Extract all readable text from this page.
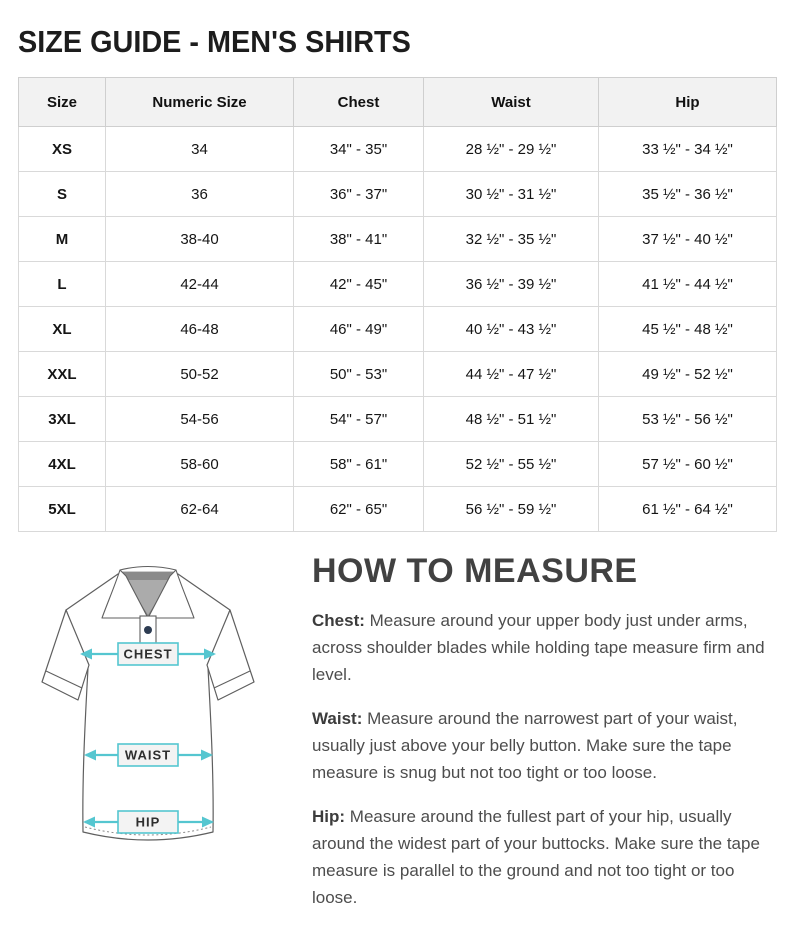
SIZE GUIDE - MEN'S SHIRTS
Size	Numeric Size	Chest	Waist	Hip
XS	34	34" - 35"	28 ½" - 29 ½"	33 ½" - 34 ½"
S	36	36" - 37"	30 ½" - 31 ½"	35 ½" - 36 ½"
M	38-40	38" - 41"	32 ½" - 35 ½"	37 ½" - 40 ½"
L	42-44	42" - 45"	36 ½" - 39 ½"	41 ½" - 44 ½"
XL	46-48	46" - 49"	40 ½" - 43 ½"	45 ½" - 48 ½"
XXL	50-52	50" - 53"	44 ½" - 47 ½"	49 ½" - 52 ½"
3XL	54-56	54" - 57"	48 ½" - 51 ½"	53 ½" - 56 ½"
4XL	58-60	58" - 61"	52 ½" - 55 ½"	57 ½" - 60 ½"
5XL	62-64	62" - 65"	56 ½" - 59 ½"	61 ½" - 64 ½"
CHEST
WAIST
HIP
HOW TO MEASURE

Chest: Measure around your upper body just under arms, across shoulder blades while holding tape measure firm and level.

Waist: Measure around the narrowest part of your waist, usually just above your belly button. Make sure the tape measure is snug but not too tight or too loose.

Hip: Measure around the fullest part of your hip, usually around the widest part of your buttocks. Make sure the tape measure is parallel to the ground and not too tight or too loose.
